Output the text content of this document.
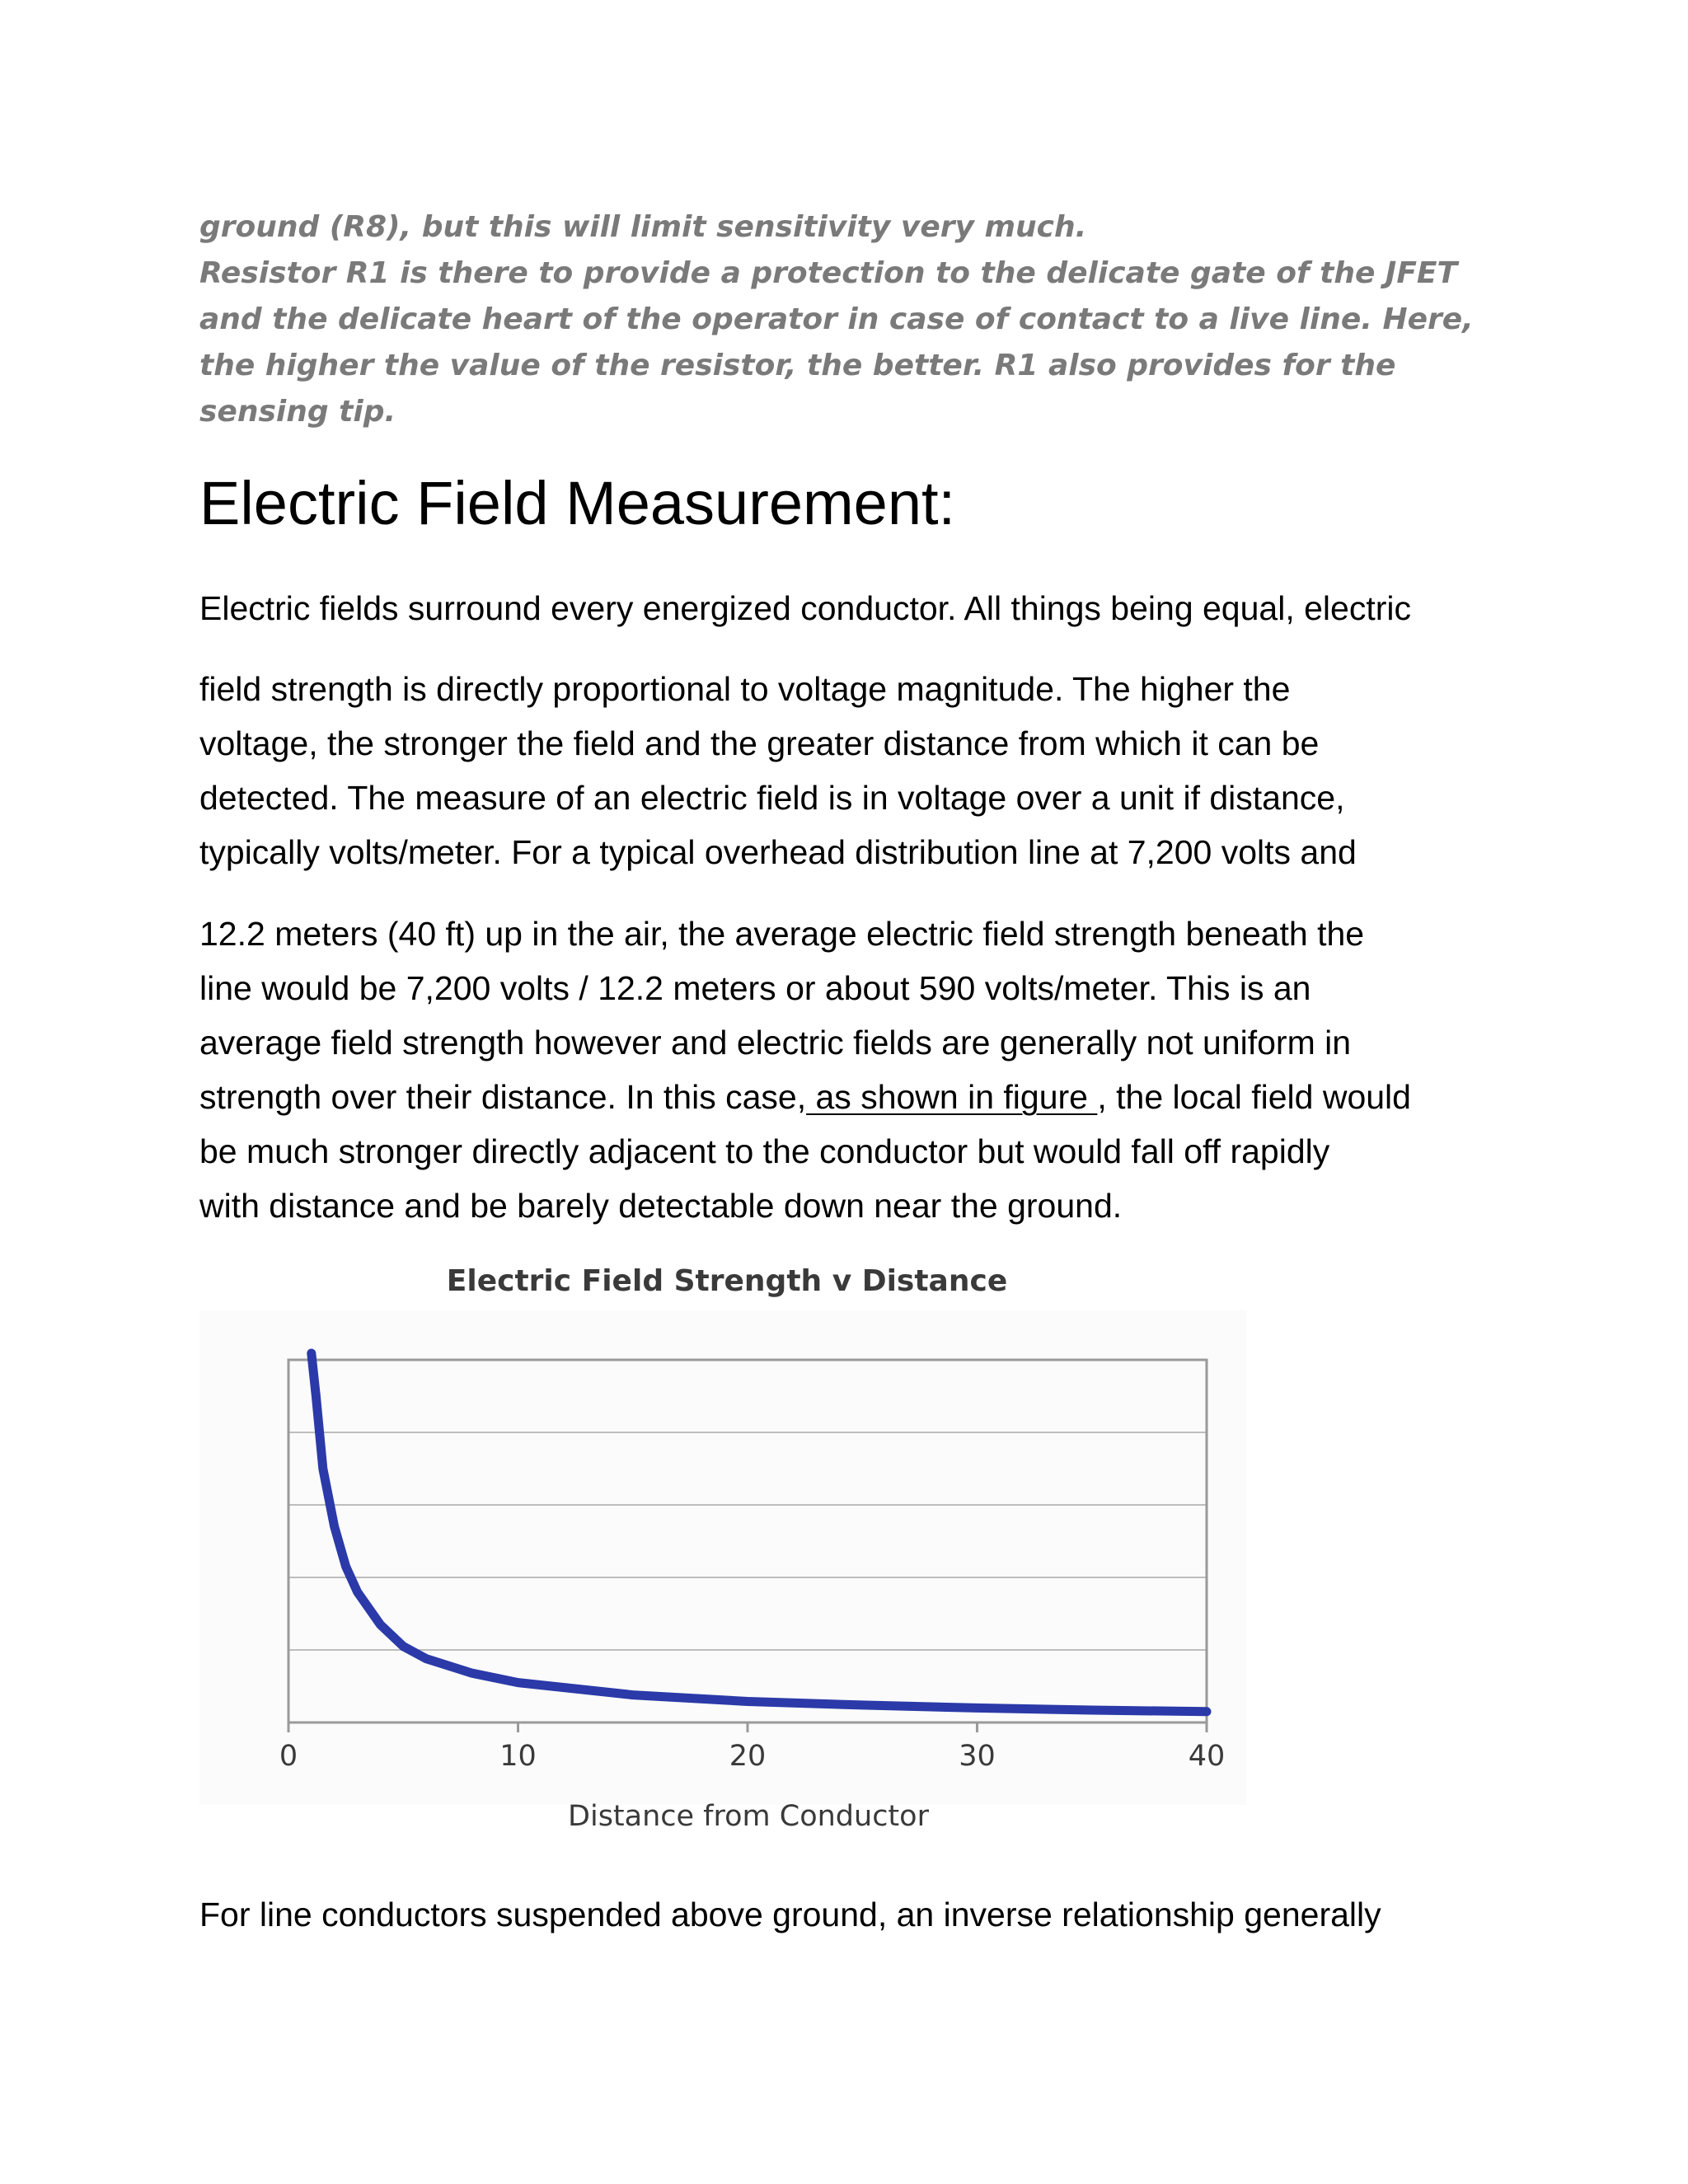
ground (R8), but this will limit sensitivity very much.

Resistor R1 is there to provide a protection to the delicate gate of the JFET and the delicate heart of the operator in case of contact to a live line. Here, the higher the value of the resistor, the better. R1 also provides for the sensing tip.

Electric Field Measurement:

Electric fields surround every energized conductor. All things being equal, electric

field strength is directly proportional to voltage magnitude. The higher the

voltage, the stronger the field and the greater distance from which it can be

detected. The measure of an electric field is in voltage over a unit if distance,

typically volts/meter. For a typical overhead distribution line at 7,200 volts and

12.2 meters (40 ft) up in the air, the average electric field strength beneath the

line would be 7,200 volts / 12.2 meters or about 590 volts/meter. This is an

average field strength however and electric fields are generally not uniform in

strength over their distance. In this case, as shown in figure , the local field would

be much stronger directly adjacent to the conductor but would fall off rapidly

with distance and be barely detectable down near the ground.

Electric Field Strength v Distance
0	10	20	30	40
Distance from Conductor

For line conductors suspended above ground, an inverse relationship generally
